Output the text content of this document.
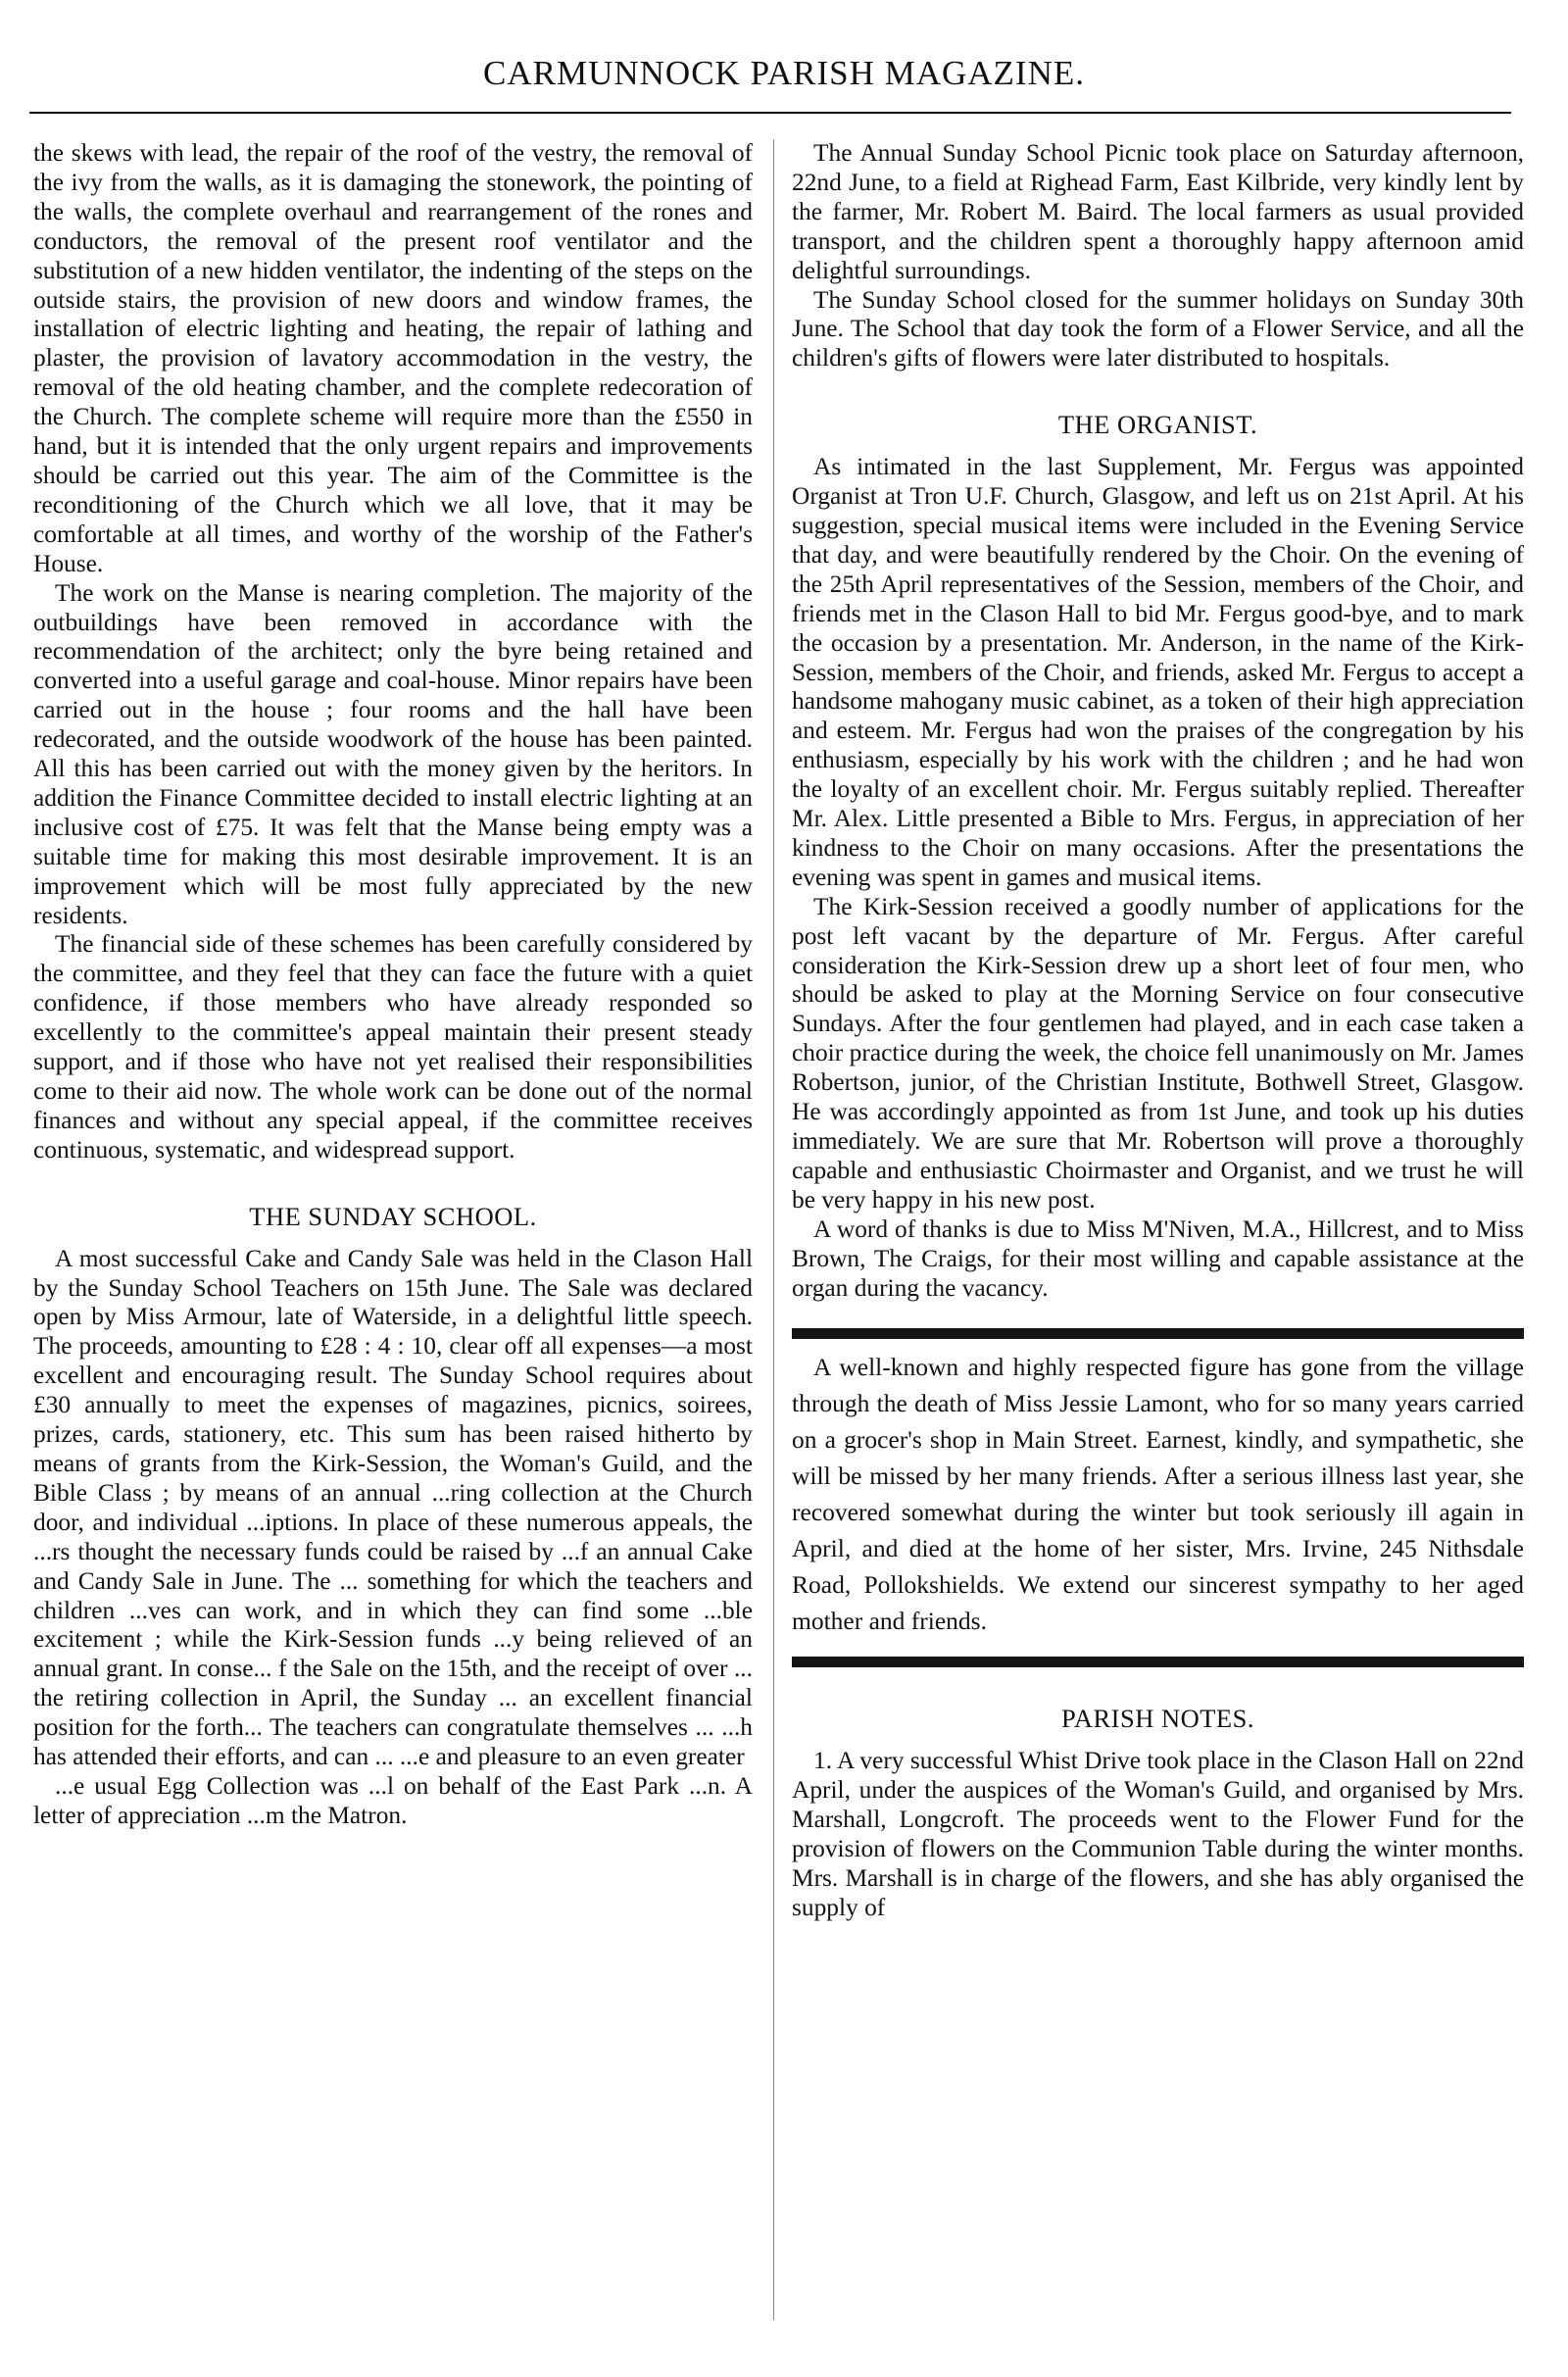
CARMUNNOCK PARISH MAGAZINE.

the skews with lead, the repair of the roof of the vestry, the removal of the ivy from the walls, as it is damaging the stonework, the pointing of the walls, the complete overhaul and rearrangement of the rones and conductors, the removal of the present roof ventilator and the substitution of a new hidden ventilator, the indenting of the steps on the outside stairs, the provision of new doors and window frames, the installation of electric lighting and heating, the repair of lathing and plaster, the provision of lavatory accommodation in the vestry, the removal of the old heating chamber, and the complete redecoration of the Church. The complete scheme will require more than the £550 in hand, but it is intended that the only urgent repairs and improvements should be carried out this year. The aim of the Committee is the reconditioning of the Church which we all love, that it may be comfortable at all times, and worthy of the worship of the Father's House.

The work on the Manse is nearing completion. The majority of the outbuildings have been removed in accordance with the recommendation of the architect; only the byre being retained and converted into a useful garage and coal-house. Minor repairs have been carried out in the house ; four rooms and the hall have been redecorated, and the outside woodwork of the house has been painted. All this has been carried out with the money given by the heritors. In addition the Finance Committee decided to install electric lighting at an inclusive cost of £75. It was felt that the Manse being empty was a suitable time for making this most desirable improvement. It is an improvement which will be most fully appreciated by the new residents.

The financial side of these schemes has been carefully considered by the committee, and they feel that they can face the future with a quiet confidence, if those members who have already responded so excellently to the committee's appeal maintain their present steady support, and if those who have not yet realised their responsibilities come to their aid now. The whole work can be done out of the normal finances and without any special appeal, if the committee receives continuous, systematic, and widespread support.

THE SUNDAY SCHOOL.

A most successful Cake and Candy Sale was held in the Clason Hall by the Sunday School Teachers on 15th June. The Sale was declared open by Miss Armour, late of Waterside, in a delightful little speech. The proceeds, amounting to £28 : 4 : 10, clear off all expenses—a most excellent and encouraging result. The Sunday School requires about £30 annually to meet the expenses of magazines, picnics, soirees, prizes, cards, stationery, etc. This sum has been raised hitherto by means of grants from the Kirk-Session, the Woman's Guild, and the Bible Class ; by means of an annual ...ring collection at the Church door, and individual ...iptions. In place of these numerous appeals, the ...rs thought the necessary funds could be raised by ...f an annual Cake and Candy Sale in June. The ... something for which the teachers and children ...ves can work, and in which they can find some ...ble excitement ; while the Kirk-Session funds ...y being relieved of an annual grant. In conse... f the Sale on the 15th, and the receipt of over ... the retiring collection in April, the Sunday ... an excellent financial position for the forth... The teachers can congratulate themselves ... ...h has attended their efforts, and can ... ...e and pleasure to an even greater

...e usual Egg Collection was ...l on behalf of the East Park ...n. A letter of appreciation ...m the Matron.

The Annual Sunday School Picnic took place on Saturday afternoon, 22nd June, to a field at Righead Farm, East Kilbride, very kindly lent by the farmer, Mr. Robert M. Baird. The local farmers as usual provided transport, and the children spent a thoroughly happy afternoon amid delightful surroundings.

The Sunday School closed for the summer holidays on Sunday 30th June. The School that day took the form of a Flower Service, and all the children's gifts of flowers were later distributed to hospitals.

THE ORGANIST.

As intimated in the last Supplement, Mr. Fergus was appointed Organist at Tron U.F. Church, Glasgow, and left us on 21st April. At his suggestion, special musical items were included in the Evening Service that day, and were beautifully rendered by the Choir. On the evening of the 25th April representatives of the Session, members of the Choir, and friends met in the Clason Hall to bid Mr. Fergus good-bye, and to mark the occasion by a presentation. Mr. Anderson, in the name of the Kirk-Session, members of the Choir, and friends, asked Mr. Fergus to accept a handsome mahogany music cabinet, as a token of their high appreciation and esteem. Mr. Fergus had won the praises of the congregation by his enthusiasm, especially by his work with the children ; and he had won the loyalty of an excellent choir. Mr. Fergus suitably replied. Thereafter Mr. Alex. Little presented a Bible to Mrs. Fergus, in appreciation of her kindness to the Choir on many occasions. After the presentations the evening was spent in games and musical items.

The Kirk-Session received a goodly number of applications for the post left vacant by the departure of Mr. Fergus. After careful consideration the Kirk-Session drew up a short leet of four men, who should be asked to play at the Morning Service on four consecutive Sundays. After the four gentlemen had played, and in each case taken a choir practice during the week, the choice fell unanimously on Mr. James Robertson, junior, of the Christian Institute, Bothwell Street, Glasgow. He was accordingly appointed as from 1st June, and took up his duties immediately. We are sure that Mr. Robertson will prove a thoroughly capable and enthusiastic Choirmaster and Organist, and we trust he will be very happy in his new post.

A word of thanks is due to Miss M'Niven, M.A., Hillcrest, and to Miss Brown, The Craigs, for their most willing and capable assistance at the organ during the vacancy.

A well-known and highly respected figure has gone from the village through the death of Miss Jessie Lamont, who for so many years carried on a grocer's shop in Main Street. Earnest, kindly, and sympathetic, she will be missed by her many friends. After a serious illness last year, she recovered somewhat during the winter but took seriously ill again in April, and died at the home of her sister, Mrs. Irvine, 245 Nithsdale Road, Pollokshields. We extend our sincerest sympathy to her aged mother and friends.

PARISH NOTES.

1. A very successful Whist Drive took place in the Clason Hall on 22nd April, under the auspices of the Woman's Guild, and organised by Mrs. Marshall, Longcroft. The proceeds went to the Flower Fund for the provision of flowers on the Communion Table during the winter months. Mrs. Marshall is in charge of the flowers, and she has ably organised the supply of
